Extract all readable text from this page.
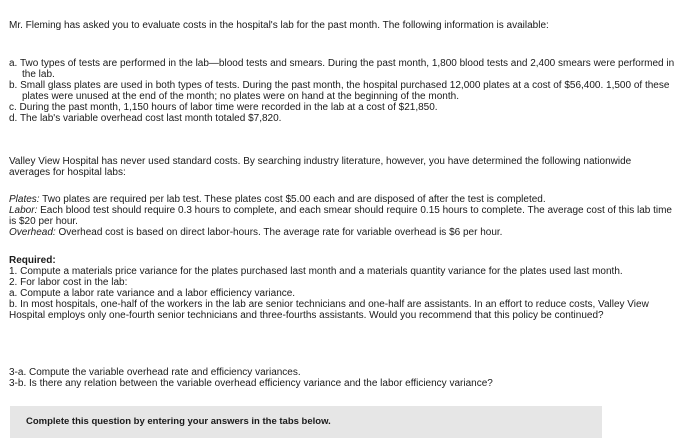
Mr. Fleming has asked you to evaluate costs in the hospital's lab for the past month. The following information is available:

a. Two types of tests are performed in the lab—blood tests and smears. During the past month, 1,800 blood tests and 2,400 smears were performed in the lab.

b. Small glass plates are used in both types of tests. During the past month, the hospital purchased 12,000 plates at a cost of $56,400. 1,500 of these plates were unused at the end of the month; no plates were on hand at the beginning of the month.

c. During the past month, 1,150 hours of labor time were recorded in the lab at a cost of $21,850.

d. The lab's variable overhead cost last month totaled $7,820.

Valley View Hospital has never used standard costs. By searching industry literature, however, you have determined the following nationwide averages for hospital labs:

Plates: Two plates are required per lab test. These plates cost $5.00 each and are disposed of after the test is completed.

Labor: Each blood test should require 0.3 hours to complete, and each smear should require 0.15 hours to complete. The average cost of this lab time is $20 per hour.

Overhead: Overhead cost is based on direct labor-hours. The average rate for variable overhead is $6 per hour.

Required:

1. Compute a materials price variance for the plates purchased last month and a materials quantity variance for the plates used last month.

2. For labor cost in the lab:

a. Compute a labor rate variance and a labor efficiency variance.

b. In most hospitals, one-half of the workers in the lab are senior technicians and one-half are assistants. In an effort to reduce costs, Valley View Hospital employs only one-fourth senior technicians and three-fourths assistants. Would you recommend that this policy be continued?

3-a. Compute the variable overhead rate and efficiency variances.

3-b. Is there any relation between the variable overhead efficiency variance and the labor efficiency variance?

Complete this question by entering your answers in the tabs below.
